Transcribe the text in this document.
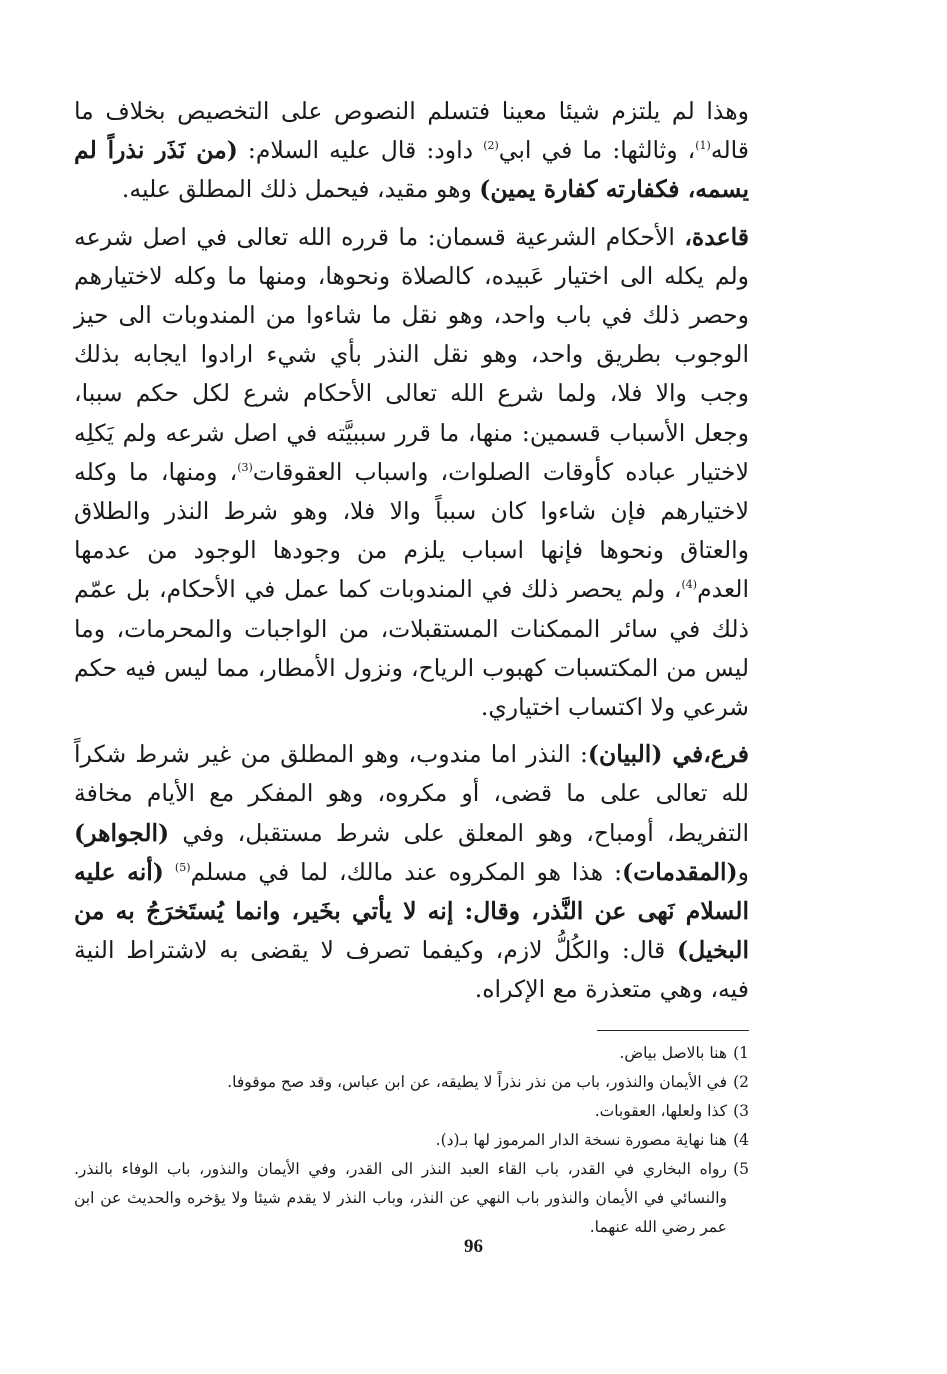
وهذا لم يلتزم شيئا معينا فتسلم النصوص على التخصيص بخلاف ما قاله$^{(1)}$، وثالثها: ما في ابي$^{(2)}$ داود: قال عليه السلام: (من نَذَر نذراً لم يسمه، فكفارته كفارة يمين) وهو مقيد، فيحمل ذلك المطلق عليه.

قاعدة، الأحكام الشرعية قسمان: ما قرره الله تعالى في اصل شرعه ولم يكله الى اختيار عَبيده، كالصلاة ونحوها، ومنها ما وكله لاختيارهم وحصر ذلك في باب واحد، وهو نقل ما شاءوا من المندوبات الى حيز الوجوب بطريق واحد، وهو نقل النذر بأي شيء ارادوا ايجابه بذلك وجب والا فلا، ولما شرع الله تعالى الأحكام شرع لكل حكم سببا، وجعل الأسباب قسمين: منها، ما قرر سببيَّته في اصل شرعه ولم يَكلِه لاختيار عباده كأوقات الصلوات، واسباب العقوقات$^{(3)}$، ومنها، ما وكله لاختيارهم فإن شاءوا كان سبباً والا فلا، وهو شرط النذر والطلاق والعتاق ونحوها فإنها اسباب يلزم من وجودها الوجود من عدمها العدم$^{(4)}$، ولم يحصر ذلك في المندوبات كما عمل في الأحكام، بل عمّم ذلك في سائر الممكنات المستقبلات، من الواجبات والمحرمات، وما ليس من المكتسبات كهبوب الرياح، ونزول الأمطار، مما ليس فيه حكم شرعي ولا اكتساب اختياري.

فرع،في (البيان): النذر اما مندوب، وهو المطلق من غير شرط شكراً لله تعالى على ما قضى، أو مكروه، وهو المفكر مع الأيام مخافة التفريط، أومباح، وهو المعلق على شرط مستقبل، وفي (الجواهر) و(المقدمات): هذا هو المكروه عند مالك، لما في مسلم$^{(5)}$ (أنه عليه السلام نَهى عن النَّذر، وقال: إنه لا يأتي بخَير، وانما يُستَخرَجُ به من البخيل) قال: والكُلُّ لازم، وكيفما تصرف لا يقضى به لاشتراط النية فيه، وهي متعذرة مع الإكراه.

1)
هنا بالاصل بياض.
2)
في الأيمان والنذور، باب من نذر نذراً لا يطيقه، عن ابن عباس، وقد صح موقوفا.
3)
كذا ولعلها، العقوبات.
4)
هنا نهاية مصورة نسخة الدار المرموز لها بـ(د).
5)
رواه البخاري في القدر، باب القاء العبد النذر الى القدر، وفي الأيمان والنذور، باب الوفاء بالنذر. والنسائي في الأيمان والنذور باب النهي عن النذر، وباب النذر لا يقدم شيئا ولا يؤخره والحديث عن ابن عمر رضي الله عنهما.
96
